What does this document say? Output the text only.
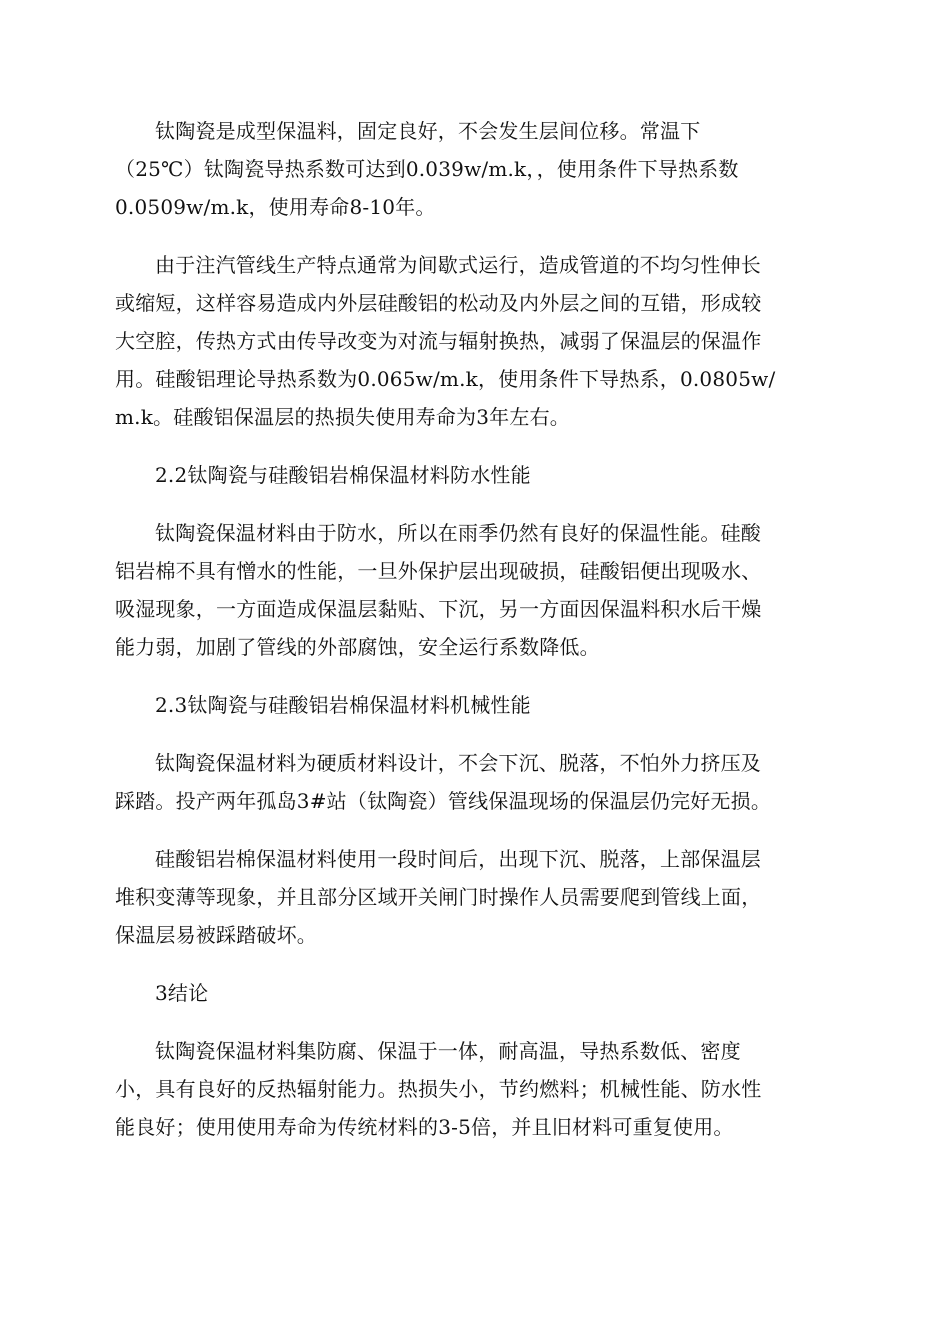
钛陶瓷是成型保温料，固定良好，不会发生层间位移。常温下
（25℃）钛陶瓷导热系数可达到0.039w/m.k，，使用条件下导热系数
0.0509w/m.k，使用寿命8-10年。

由于注汽管线生产特点通常为间歇式运行，造成管道的不均匀性伸长
或缩短，这样容易造成内外层硅酸铝的松动及内外层之间的互错，形成较
大空腔，传热方式由传导改变为对流与辐射换热，减弱了保温层的保温作
用。硅酸铝理论导热系数为0.065w/m.k，使用条件下导热系，0.0805w/
m.k。硅酸铝保温层的热损失使用寿命为3年左右。

2.2钛陶瓷与硅酸铝岩棉保温材料防水性能

钛陶瓷保温材料由于防水，所以在雨季仍然有良好的保温性能。硅酸
铝岩棉不具有憎水的性能，一旦外保护层出现破损，硅酸铝便出现吸水、
吸湿现象，一方面造成保温层黏贴、下沉，另一方面因保温料积水后干燥
能力弱，加剧了管线的外部腐蚀，安全运行系数降低。

2.3钛陶瓷与硅酸铝岩棉保温材料机械性能

钛陶瓷保温材料为硬质材料设计，不会下沉、脱落，不怕外力挤压及
踩踏。投产两年孤岛3#站（钛陶瓷）管线保温现场的保温层仍完好无损。

硅酸铝岩棉保温材料使用一段时间后，出现下沉、脱落，上部保温层
堆积变薄等现象，并且部分区域开关闸门时操作人员需要爬到管线上面，
保温层易被踩踏破坏。

3结论

钛陶瓷保温材料集防腐、保温于一体，耐高温，导热系数低、密度
小，具有良好的反热辐射能力。热损失小，节约燃料；机械性能、防水性
能良好；使用使用寿命为传统材料的3-5倍，并且旧材料可重复使用。
